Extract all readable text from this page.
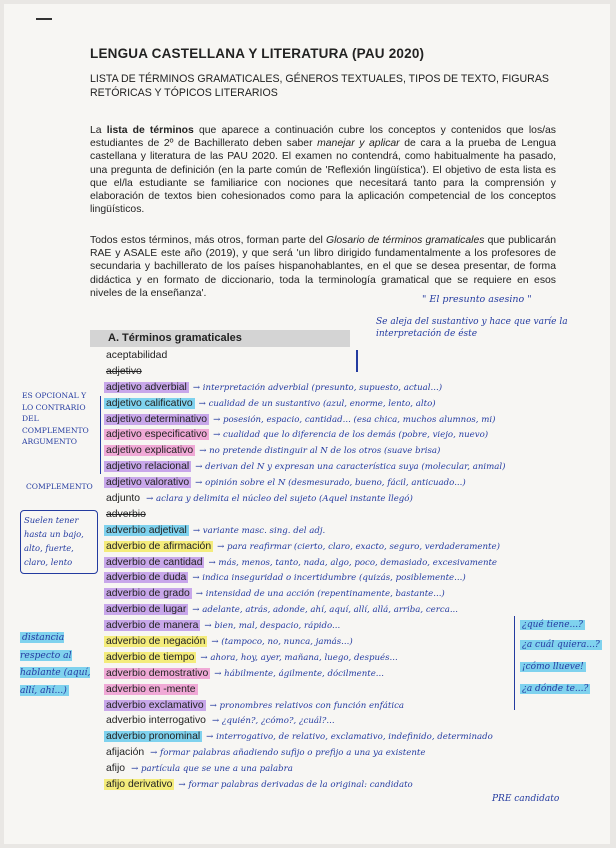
LENGUA CASTELLANA Y LITERATURA (PAU 2020)
LISTA DE TÉRMINOS GRAMATICALES, GÉNEROS TEXTUALES, TIPOS DE TEXTO, FIGURAS RETÓRICAS Y TÓPICOS LITERARIOS
La lista de términos que aparece a continuación cubre los conceptos y contenidos que los/as estudiantes de 2º de Bachillerato deben saber manejar y aplicar de cara a la prueba de Lengua castellana y literatura de las PAU 2020. El examen no contendrá, como habitualmente ha pasado, una pregunta de definición (en la parte común de 'Reflexión lingüística'). El objetivo de esta lista es que el/la estudiante se familiarice con nociones que necesitará tanto para la comprensión y elaboración de textos bien cohesionados como para la aplicación competencial de los conceptos lingüísticos.
Todos estos términos, más otros, forman parte del Glosario de términos gramaticales que publicarán RAE y ASALE este año (2019), y que será 'un libro dirigido fundamentalmente a los profesores de secundaria y bachillerato de los países hispanohablantes, en el que se desea presentar, de forma didáctica y en formato de diccionario, toda la terminología gramatical que se requiere en esos niveles de la enseñanza'.
" El presunto asesino "
Se aleja del sustantivo y hace que varíe la interpretación de éste
A. Términos gramaticales
aceptabilidad
adjetivo
adjetivo adverbial → interpretación adverbial (presunto, supuesto, actual...)
adjetivo calificativo → cualidad de un sustantivo (azul, enorme, lento, alto)
adjetivo determinativo → posesión, espacio, cantidad... (esa chica, muchos alumnos, mi)
adjetivo especificativo → cualidad que lo diferencia de los demás (pobre, viejo, nuevo)
adjetivo explicativo → no pretende distinguir al N de los otros (suave brisa)
adjetivo relacional → derivan del N y expresan una característica suya (molecular, animal)
adjetivo valorativo → opinión sobre el N (desmesurado, bueno, fácil, anticuado...)
adjunto → aclara y delimita el núcleo del sujeto (Aquel instante llegó)
adverbio
adverbio adjetival → variante masc. sing. del adj.
adverbio de afirmación → para reafirmar (cierto, claro, exacto, seguro, verdaderamente)
adverbio de cantidad → más, menos, tanto, nada, algo, poco, demasiado, excesivamente
adverbio de duda → indica inseguridad o incertidumbre (quizás, posiblemente...)
adverbio de grado → intensidad de una acción (repentinamente, bastante...)
adverbio de lugar → adelante, atrás, adonde, ahí, aquí, allí, allá, arriba, cerca...
adverbio de manera → bien, mal, despacio, rápido...
adverbio de negación → (tampoco, no, nunca, jamás...)
adverbio de tiempo → ahora, hoy, ayer, mañana, luego, después...
adverbio demostrativo → hábilmente, ágilmente, dócilmente...
adverbio en -mente
adverbio exclamativo → pronombres relativos con función enfática
adverbio interrogativo → ¿quién?, ¿cómo?, ¿cuál?...
adverbio pronominal → interrogativo, de relativo, exclamativo, indefinido, determinado
afijación → formar palabras añadiendo sufijo o prefijo a una ya existente
afijo → partícula que se une a una palabra
afijo derivativo → formar palabras derivadas de la original: candidato
ES OPCIONAL Y LO CONTRARIO DEL COMPLEMENTO ARGUMENTO
COMPLEMENTO
Suelen tener hasta un bajo, alto, fuerte, claro, lento
distancia respecto al hablante (aquí, allí, ahí...)
¿qué tiene...?
¿a cuál quiera...?
¡cómo llueve!
¿a dónde te...?
PRE candidato
